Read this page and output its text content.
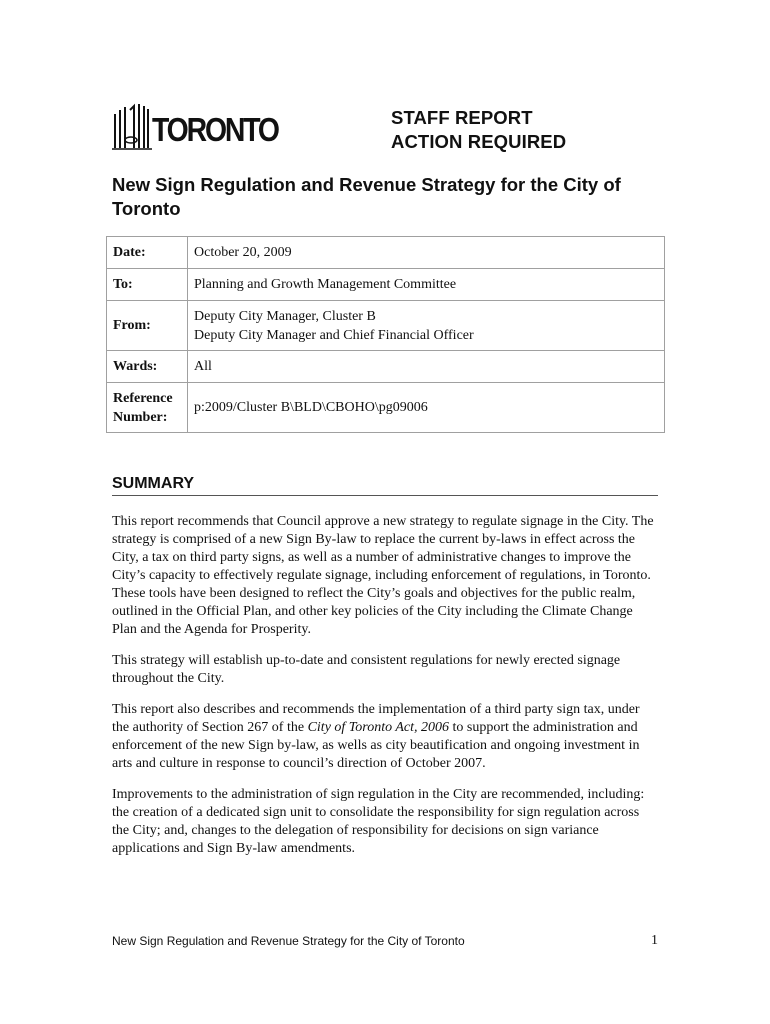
TORONTO	STAFF REPORT
ACTION REQUIRED
New Sign Regulation and Revenue Strategy for the City of Toronto
Date:	October 20, 2009
To:	Planning and Growth Management Committee
From:	Deputy City Manager, Cluster B
Deputy City Manager and Chief Financial Officer

Wards:	All

Reference
Number:	p:2009/Cluster B\BLD\CBOHO\pg09006
SUMMARY

This report recommends that Council approve a new strategy to regulate signage in the City. The strategy is comprised of a new Sign By-law to replace the current by-laws in effect across the City, a tax on third party signs, as well as a number of administrative changes to improve the City’s capacity to effectively regulate signage, including enforcement of regulations, in Toronto. These tools have been designed to reflect the City’s goals and objectives for the public realm, outlined in the Official Plan, and other key policies of the City including the Climate Change Plan and the Agenda for Prosperity.

This strategy will establish up-to-date and consistent regulations for newly erected signage throughout the City.

This report also describes and recommends the implementation of a third party sign tax, under the authority of Section 267 of the City of Toronto Act, 2006 to support the administration and enforcement of the new Sign by-law, as wells as city beautification and ongoing investment in arts and culture in response to council’s direction of October 2007.

Improvements to the administration of sign regulation in the City are recommended, including: the creation of a dedicated sign unit to consolidate the responsibility for sign regulation across the City; and, changes to the delegation of responsibility for decisions on sign variance applications and Sign By-law amendments.

New Sign Regulation and Revenue Strategy for the City of Toronto	1
